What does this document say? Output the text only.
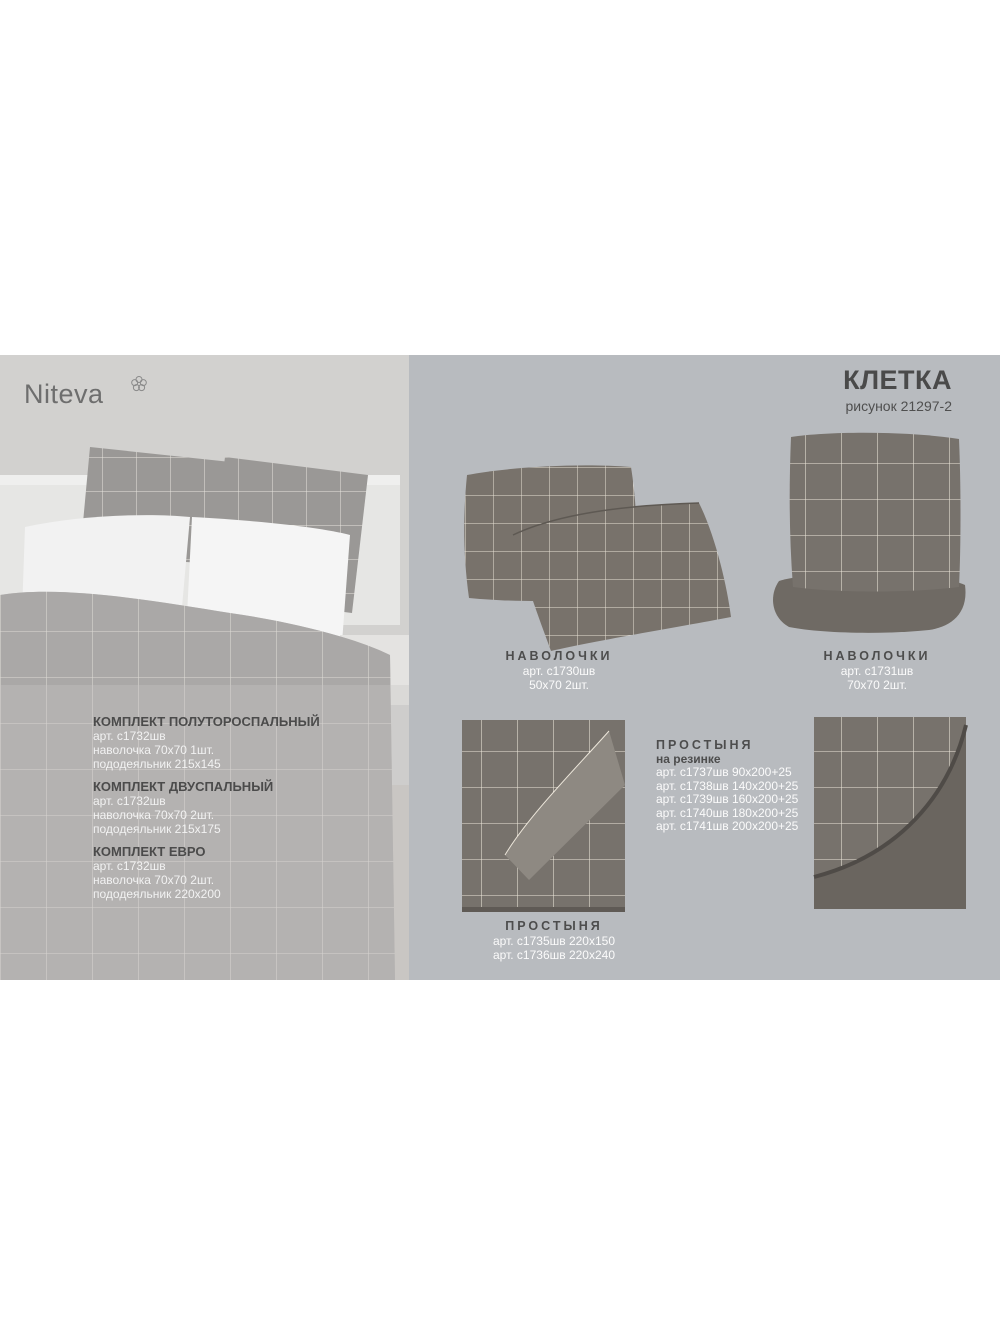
Niteva
КОМПЛЕКТ ПОЛУТОРОСПАЛЬНЫЙ
арт. с1732шв
наволочка 70х70 1шт.
пододеяльник 215х145
КОМПЛЕКТ ДВУСПАЛЬНЫЙ
арт. с1732шв
наволочка 70х70 2шт.
пододеяльник 215х175
КОМПЛЕКТ ЕВРО
арт. с1732шв
наволочка 70х70 2шт.
пододеяльник 220х200
КЛЕТКА
рисунок 21297-2
НАВОЛОЧКИ
арт. с1730шв
50х70 2шт.
НАВОЛОЧКИ
арт. с1731шв
70х70 2шт.
ПРОСТЫНЯ
на резинке
арт. с1737шв 90х200+25
арт. с1738шв 140х200+25
арт. с1739шв 160х200+25
арт. с1740шв 180х200+25
арт. с1741шв 200х200+25
ПРОСТЫНЯ
арт. с1735шв 220х150
арт. с1736шв 220х240
